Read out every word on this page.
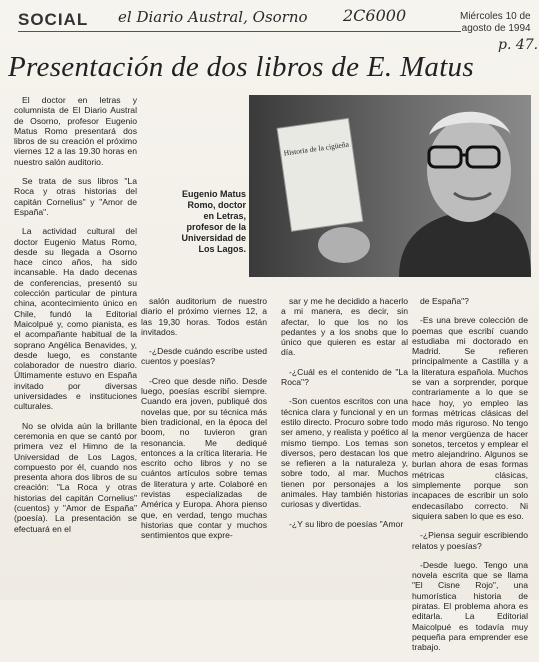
SOCIAL el Diario Austral, Osorno 2C6000	Miércoles 10 de
agosto de 1994
p. 47.
Presentación de dos libros de E. Matus

El doctor en letras y columnista de El Diario Austral de Osorno, profesor Eugenio Matus Romo presentará dos libros de su creación el próximo viernes 12 a las 19.30 horas en nuestro salón auditorio.

Se trata de sus libros "La Roca y otras historias del capitán Cornelius" y "Amor de España".

La actividad cultural del doctor Eugenio Matus Romo, desde su llegada a Osorno hace cinco años, ha sido incansable. Ha dado decenas de conferencias, presentó su colección particular de pintura china, acontecimiento único en Chile, fundó la Editorial Maicolpué y, como pianista, es el acompañante habitual de la soprano Angélica Benavides, y, desde luego, es constante colaborador de nuestro diario. Últimamente estuvo en España invitado por diversas universidades e instituciones culturales.

No se olvida aún la brillante ceremonia en que se cantó por primera vez el Himno de la Universidad de Los Lagos, compuesto por él, cuando nos presenta ahora dos libros de su creación: "La Roca y otras historias del capitán Cornelius" (cuentos) y "Amor de España" (poesía). La presentación se efectuará en el

Historia de la cigüeña
Eugenio Matus Romo, doctor en Letras, profesor de la Universidad de Los Lagos.

salón auditorium de nuestro diario el próximo viernes 12, a las 19,30 horas. Todos están invitados.

-¿Desde cuándo escribe usted cuentos y poesías?

-Creo que desde niño. Desde luego, poesías escribí siempre. Cuando era joven, publiqué dos novelas que, por su técnica más bien tradicional, en la época del boom, no tuvieron gran resonancia. Me dediqué entonces a la crítica literaria. He escrito ocho libros y no se cuántos artículos sobre temas de literatura y arte. Colaboré en revistas especializadas de América y Europa. Ahora pienso que, en verdad, tengo muchas historias que contar y muchos sentimientos que expre-

sar y me he decidido a hacerlo a mi manera, es decir, sin afectar, lo que los no los pedantes y a los snobs que lo único que quieren es estar al día.

-¿Cuál es el contenido de "La Roca"?

-Son cuentos escritos con una técnica clara y funcional y en un estilo directo. Procuro sobre todo ser ameno, y realista y poético al mismo tiempo. Los temas son diversos, pero destacan los que se refieren a la naturaleza y, sobre todo, al mar. Muchos tienen por personajes a los animales. Hay también historias curiosas y divertidas.

-¿Y su libro de poesías "Amor

de España"?

-Es una breve colección de poemas que escribí cuando estudiaba mi doctorado en Madrid. Se refieren principalmente a Castilla y a la literatura española. Muchos se van a sorprender, porque contrariamente a lo que se hace hoy, yo empleo las formas métricas clásicas del modo más riguroso. No tengo la menor vergüenza de hacer sonetos, tercetos y emplear el metro alejandrino. Algunos se burlan ahora de esas formas métricas clásicas, simplemente porque son incapaces de escribir un solo endecasílabo correcto. Ni siquiera saben lo que es eso.

-¿Piensa seguir escribiendo relatos y poesías?

-Desde luego. Tengo una novela escrita que se llama "El Cisne Rojo", una humorística historia de piratas. El problema ahora es editarla. La Editorial Maicolpué es todavía muy pequeña para emprender ese trabajo.
